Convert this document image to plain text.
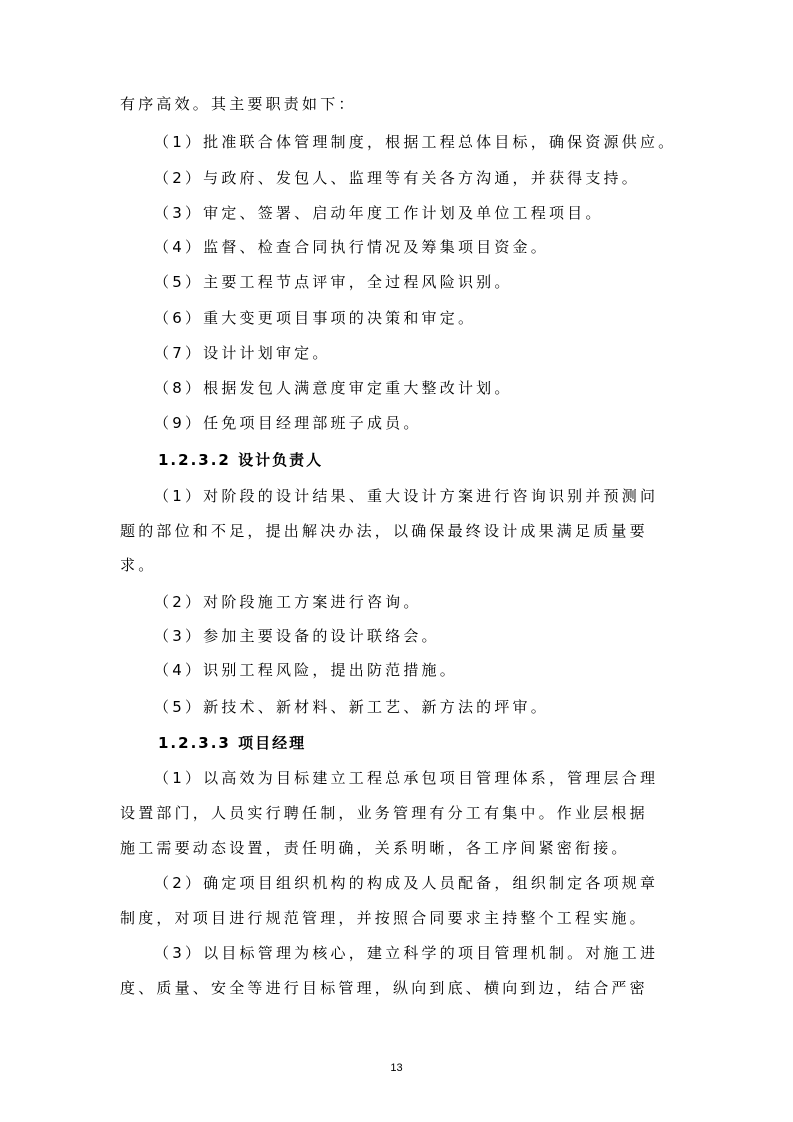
有序高效。其主要职责如下：
（1）批准联合体管理制度，根据工程总体目标，确保资源供应。
（2）与政府、发包人、监理等有关各方沟通，并获得支持。
（3）审定、签署、启动年度工作计划及单位工程项目。
（4）监督、检查合同执行情况及筹集项目资金。
（5）主要工程节点评审，全过程风险识别。
（6）重大变更项目事项的决策和审定。
（7）设计计划审定。
（8）根据发包人满意度审定重大整改计划。
（9）任免项目经理部班子成员。
1.2.3.2 设计负责人
（1）对阶段的设计结果、重大设计方案进行咨询识别并预测问
题的部位和不足，提出解决办法，以确保最终设计成果满足质量要
求。
（2）对阶段施工方案进行咨询。
（3）参加主要设备的设计联络会。
（4）识别工程风险，提出防范措施。
（5）新技术、新材料、新工艺、新方法的坪审。
1.2.3.3 项目经理
（1）以高效为目标建立工程总承包项目管理体系，管理层合理
设置部门，人员实行聘任制，业务管理有分工有集中。作业层根据
施工需要动态设置，责任明确，关系明晰，各工序间紧密衔接。
（2）确定项目组织机构的构成及人员配备，组织制定各项规章
制度，对项目进行规范管理，并按照合同要求主持整个工程实施。
（3）以目标管理为核心，建立科学的项目管理机制。对施工进
度、质量、安全等进行目标管理，纵向到底、横向到边，结合严密
13
